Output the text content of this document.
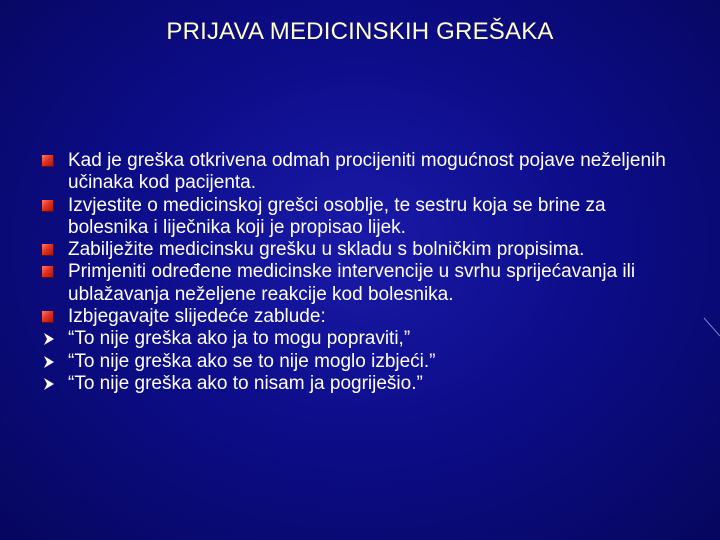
PRIJAVA MEDICINSKIH GREŠAKA
Kad je greška otkrivena odmah procijeniti mogućnost pojave neželjenih učinaka kod pacijenta.
Izvjestite o medicinskoj grešci osoblje, te sestru koja se brine za bolesnika i liječnika koji je propisao lijek.
Zabilježite medicinsku grešku u skladu s bolničkim propisima.
Primjeniti određene medicinske intervencije u svrhu sprijećavanja ili ublažavanja neželjene reakcije kod bolesnika.
Izbjegavajte slijedeće zablude:
“To nije greška ako ja to mogu popraviti,”
“To nije greška ako se to nije moglo izbjeći.”
“To nije greška ako to nisam ja pogriješio.”
